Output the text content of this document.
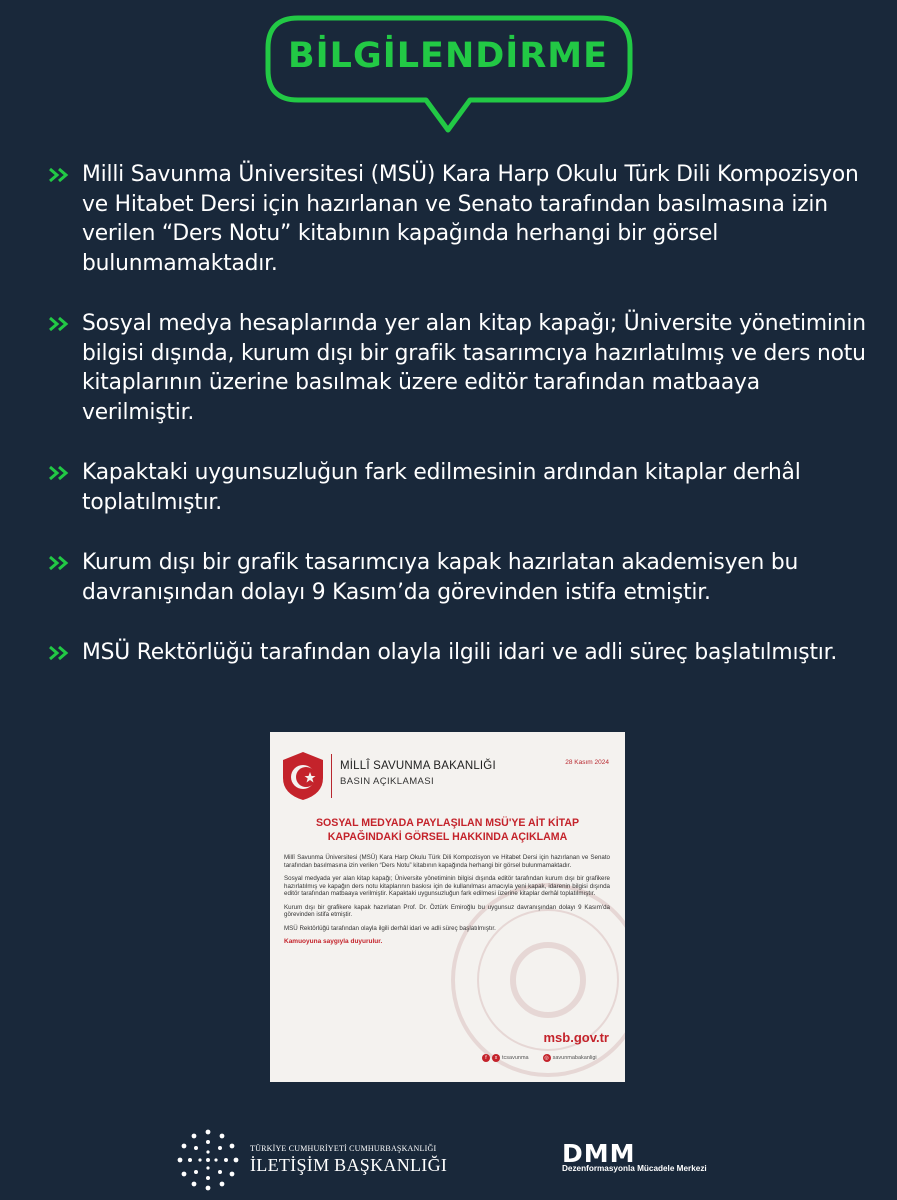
BİLGİLENDİRME
Milli Savunma Üniversitesi (MSÜ) Kara Harp Okulu Türk Dili Kompozisyon ve Hitabet Dersi için hazırlanan ve Senato tarafından basılmasına izin verilen “Ders Notu” kitabının kapağında herhangi bir görsel bulunmamaktadır.
Sosyal medya hesaplarında yer alan kitap kapağı; Üniversite yönetiminin bilgisi dışında, kurum dışı bir grafik tasarımcıya hazırlatılmış ve ders notu kitaplarının üzerine basılmak üzere editör tarafından matbaaya verilmiştir.
Kapaktaki uygunsuzluğun fark edilmesinin ardından kitaplar derhâl toplatılmıştır.
Kurum dışı bir grafik tasarımcıya kapak hazırlatan akademisyen bu davranışından dolayı 9 Kasım’da görevinden istifa etmiştir.
MSÜ Rektörlüğü tarafından olayla ilgili idari ve adli süreç başlatılmıştır.
MİLLÎ SAVUNMA BAKANLIĞI
BASIN AÇIKLAMASI
28 Kasım 2024
SOSYAL MEDYADA PAYLAŞILAN MSÜ'YE AİT KİTAP KAPAĞINDAKİ GÖRSEL HAKKINDA AÇIKLAMA

Millî Savunma Üniversitesi (MSÜ) Kara Harp Okulu Türk Dili Kompozisyon ve Hitabet Dersi için hazırlanan ve Senato tarafından basılmasına izin verilen “Ders Notu” kitabının kapağında herhangi bir görsel bulunmamaktadır.

Sosyal medyada yer alan kitap kapağı; Üniversite yönetiminin bilgisi dışında editör tarafından kurum dışı bir grafikere hazırlatılmış ve kapağın ders notu kitaplarının baskısı için de kullanılması amacıyla yeni kapak, idarenin bilgisi dışında editör tarafından matbaaya verilmiştir. Kapaktaki uygunsuzluğun fark edilmesi üzerine kitaplar derhâl toplatılmıştır.

Kurum dışı bir grafikere kapak hazırlatan Prof. Dr. Öztürk Emiroğlu bu uygunsuz davranışından dolayı 9 Kasım'da görevinden istifa etmiştir.

MSÜ Rektörlüğü tarafından olayla ilgili derhâl idari ve adli süreç başlatılmıştır.

Kamuoyuna saygıyla duyurulur.

msb.gov.tr
f	x tcsavunma	◎ savunmabakanligi
TÜRKİYE CUMHURİYETİ CUMHURBAŞKANLIĞI
İLETİŞİM BAŞKANLIĞI	DMM
Dezenformasyonla Mücadele Merkezi
